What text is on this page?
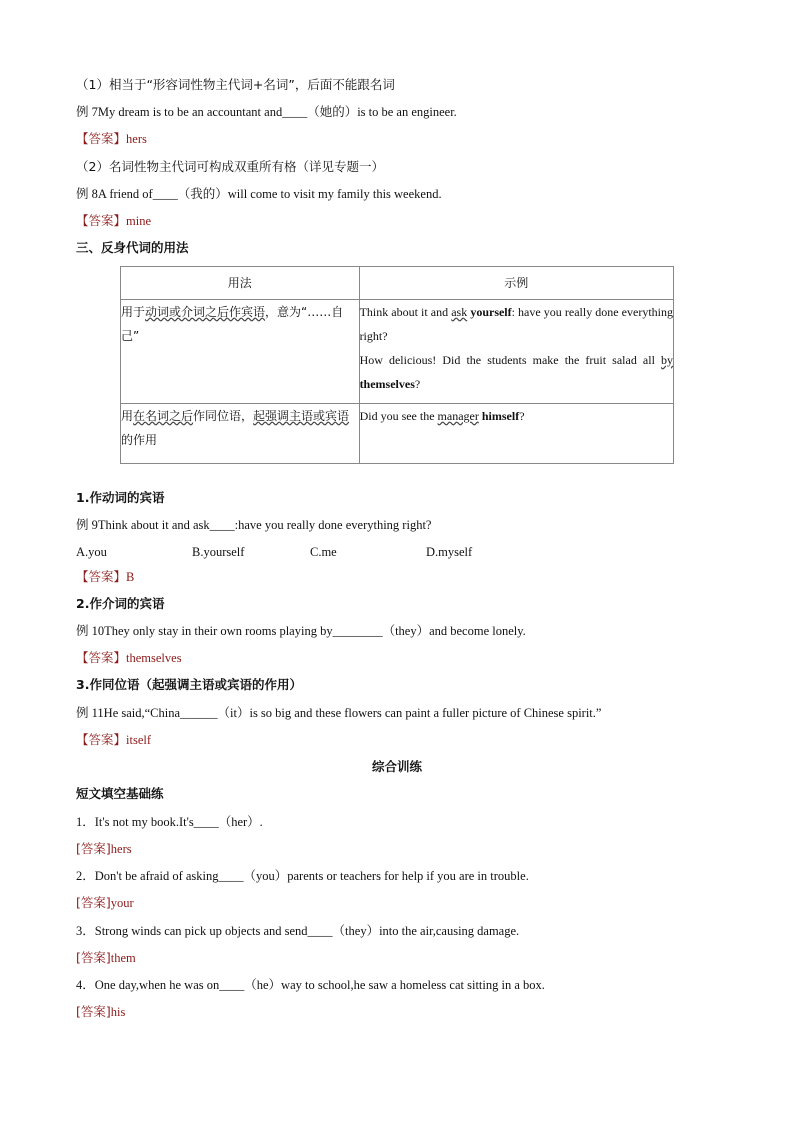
（1）相当于“形容词性物主代词+名词”，后面不能跟名词
例 7My dream is to be an accountant and____（她的）is to be an engineer.
【答案】hers
（2）名词性物主代词可构成双重所有格（详见专题一）
例 8A friend of____（我的）will come to visit my family this weekend.
【答案】mine
三、反身代词的用法
用法	示例
用于动词或介词之后作宾语，意为“……自己”	Think about it and ask yourself: have you really done everything right?
How delicious! Did the students make the fruit salad all by themselves?

用在名词之后作同位语，起强调主语或宾语的作用	Did you see the manager himself?
1.作动词的宾语
例 9Think about it and ask____:have you really done everything right?
A.you	B.yourself	C.me	D.myself
【答案】B
2.作介词的宾语
例 10They only stay in their own rooms playing by________（they）and become lonely.
【答案】themselves
3.作同位语（起强调主语或宾语的作用）
例 11He said,“China______（it）is so big and these flowers can paint a fuller picture of Chinese spirit.”
【答案】itself
综合训练
短文填空基础练
1．It's not my book.It's____（her）.
[答案]hers
2．Don't be afraid of asking____（you）parents or teachers for help if you are in trouble.
[答案]your
3．Strong winds can pick up objects and send____（they）into the air,causing damage.
[答案]them
4．One day,when he was on____（he）way to school,he saw a homeless cat sitting in a box.
[答案]his
